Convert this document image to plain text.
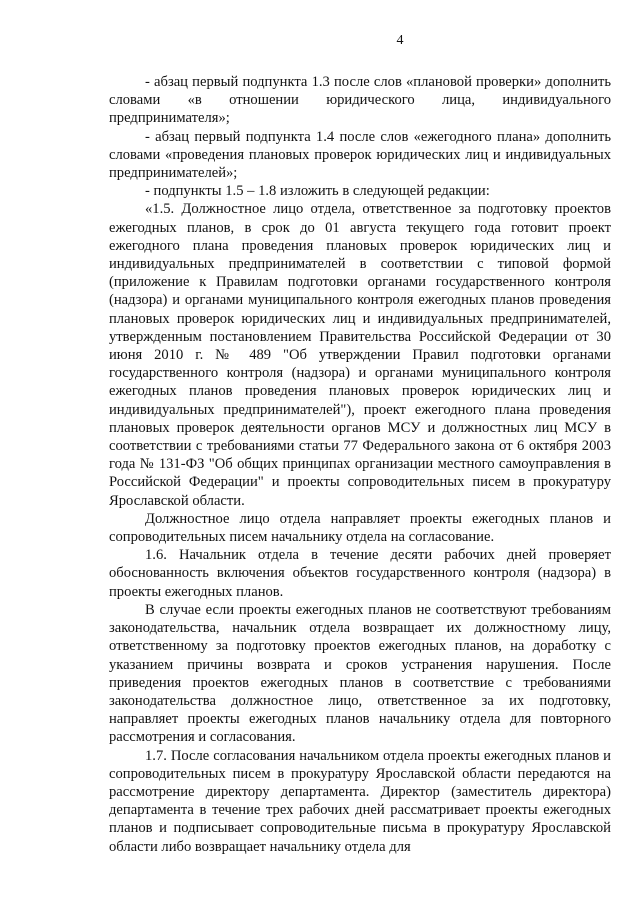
4

- абзац первый подпункта 1.3 после слов «плановой проверки» дополнить словами «в отношении юридического лица, индивидуального предпринимателя»;

- абзац первый подпункта 1.4 после слов «ежегодного плана» дополнить словами «проведения плановых проверок юридических лиц и индивидуальных предпринимателей»;

- подпункты 1.5 – 1.8 изложить в следующей редакции:

«1.5. Должностное лицо отдела, ответственное за подготовку проектов ежегодных планов, в срок до 01 августа текущего года готовит проект ежегодного плана проведения плановых проверок юридических лиц и индивидуальных предпринимателей в соответствии с типовой формой (приложение к Правилам подготовки органами государственного контроля (надзора) и органами муниципального контроля ежегодных планов проведения плановых проверок юридических лиц и индивидуальных предпринимателей, утвержденным постановлением Правительства Российской Федерации от 30 июня 2010 г. № 489 "Об утверждении Правил подготовки органами государственного контроля (надзора) и органами муниципального контроля ежегодных планов проведения плановых проверок юридических лиц и индивидуальных предпринимателей"), проект ежегодного плана проведения плановых проверок деятельности органов МСУ и должностных лиц МСУ в соответствии с требованиями статьи 77 Федерального закона от 6 октября 2003 года № 131-ФЗ "Об общих принципах организации местного самоуправления в Российской Федерации" и проекты сопроводительных писем в прокуратуру Ярославской области.

Должностное лицо отдела направляет проекты ежегодных планов и сопроводительных писем начальнику отдела на согласование.

1.6. Начальник отдела в течение десяти рабочих дней проверяет обоснованность включения объектов государственного контроля (надзора) в проекты ежегодных планов.

В случае если проекты ежегодных планов не соответствуют требованиям законодательства, начальник отдела возвращает их должностному лицу, ответственному за подготовку проектов ежегодных планов, на доработку с указанием причины возврата и сроков устранения нарушения. После приведения проектов ежегодных планов в соответствие с требованиями законодательства должностное лицо, ответственное за их подготовку, направляет проекты ежегодных планов начальнику отдела для повторного рассмотрения и согласования.

1.7. После согласования начальником отдела проекты ежегодных планов и сопроводительных писем в прокуратуру Ярославской области передаются на рассмотрение директору департамента. Директор (заместитель директора) департамента в течение трех рабочих дней рассматривает проекты ежегодных планов и подписывает сопроводительные письма в прокуратуру Ярославской области либо возвращает начальнику отдела для
